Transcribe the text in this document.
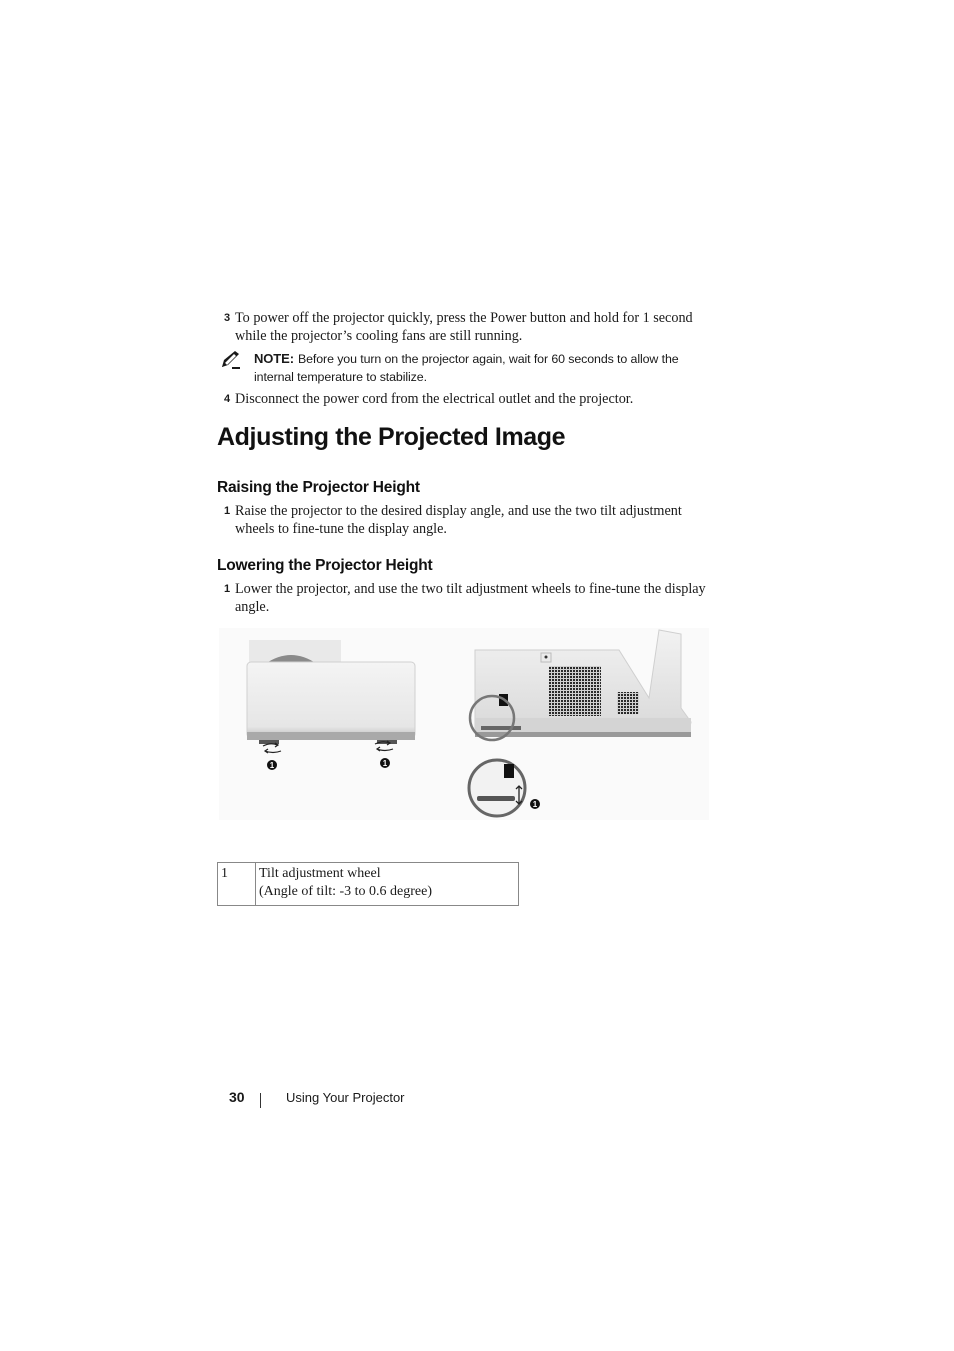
3 To power off the projector quickly, press the Power button and hold for 1 second while the projector’s cooling fans are still running.
NOTE: Before you turn on the projector again, wait for 60 seconds to allow the internal temperature to stabilize.
4 Disconnect the power cord from the electrical outlet and the projector.
Adjusting the Projected Image
Raising the Projector Height
1 Raise the projector to the desired display angle, and use the two tilt adjustment wheels to fine-tune the display angle.
Lowering the Projector Height
1 Lower the projector, and use the two tilt adjustment wheels to fine-tune the display angle.
1	1
1
1	Tilt adjustment wheel
(Angle of tilt: -3 to 0.6 degree)
30	Using Your Projector
